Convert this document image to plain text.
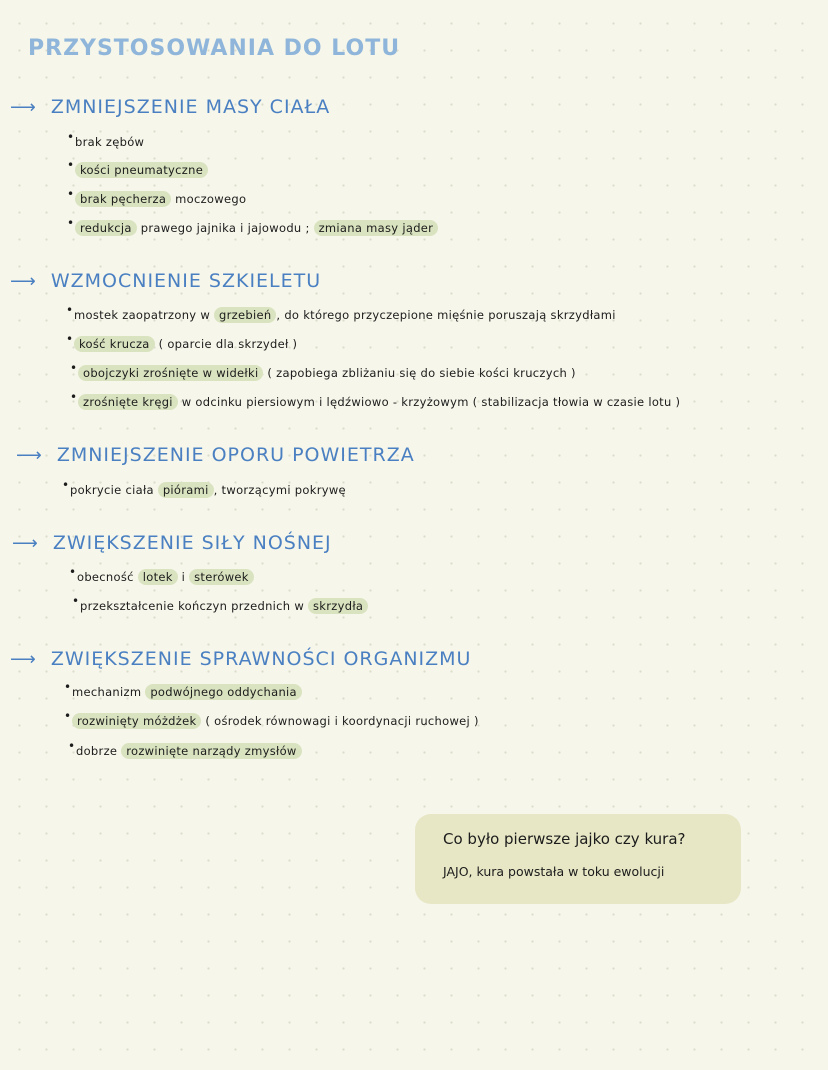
PRZYSTOSOWANIA DO LOTU
⟶ ZMNIEJSZENIE MASY CIAŁA
• brak zębów
• kości pneumatyczne
• brak pęcherza moczowego
• redukcja prawego jajnika i jajowodu ; zmiana masy jąder
⟶ WZMOCNIENIE SZKIELETU
• mostek zaopatrzony w grzebień , do którego przyczepione mięśnie poruszają skrzydłami
• kość krucza ( oparcie dla skrzydeł )
• obojczyki zrośnięte w widełki ( zapobiega zbliżaniu się do siebie kości kruczych )
• zrośnięte kręgi w odcinku piersiowym i lędźwiowo - krzyżowym ( stabilizacja tłowia w czasie lotu )
⟶ ZMNIEJSZENIE OPORU POWIETRZA
• pokrycie ciała piórami , tworzącymi pokrywę
⟶ ZWIĘKSZENIE SIŁY NOŚNEJ
• obecność lotek i sterówek
• przekształcenie kończyn przednich w skrzydła
⟶ ZWIĘKSZENIE SPRAWNOŚCI ORGANIZMU
• mechanizm podwójnego oddychania
• rozwinięty móżdżek ( ośrodek równowagi i koordynacji ruchowej )
• dobrze rozwinięte narządy zmysłów
Co było pierwsze jajko czy kura?
JAJO, kura powstała w toku ewolucji
